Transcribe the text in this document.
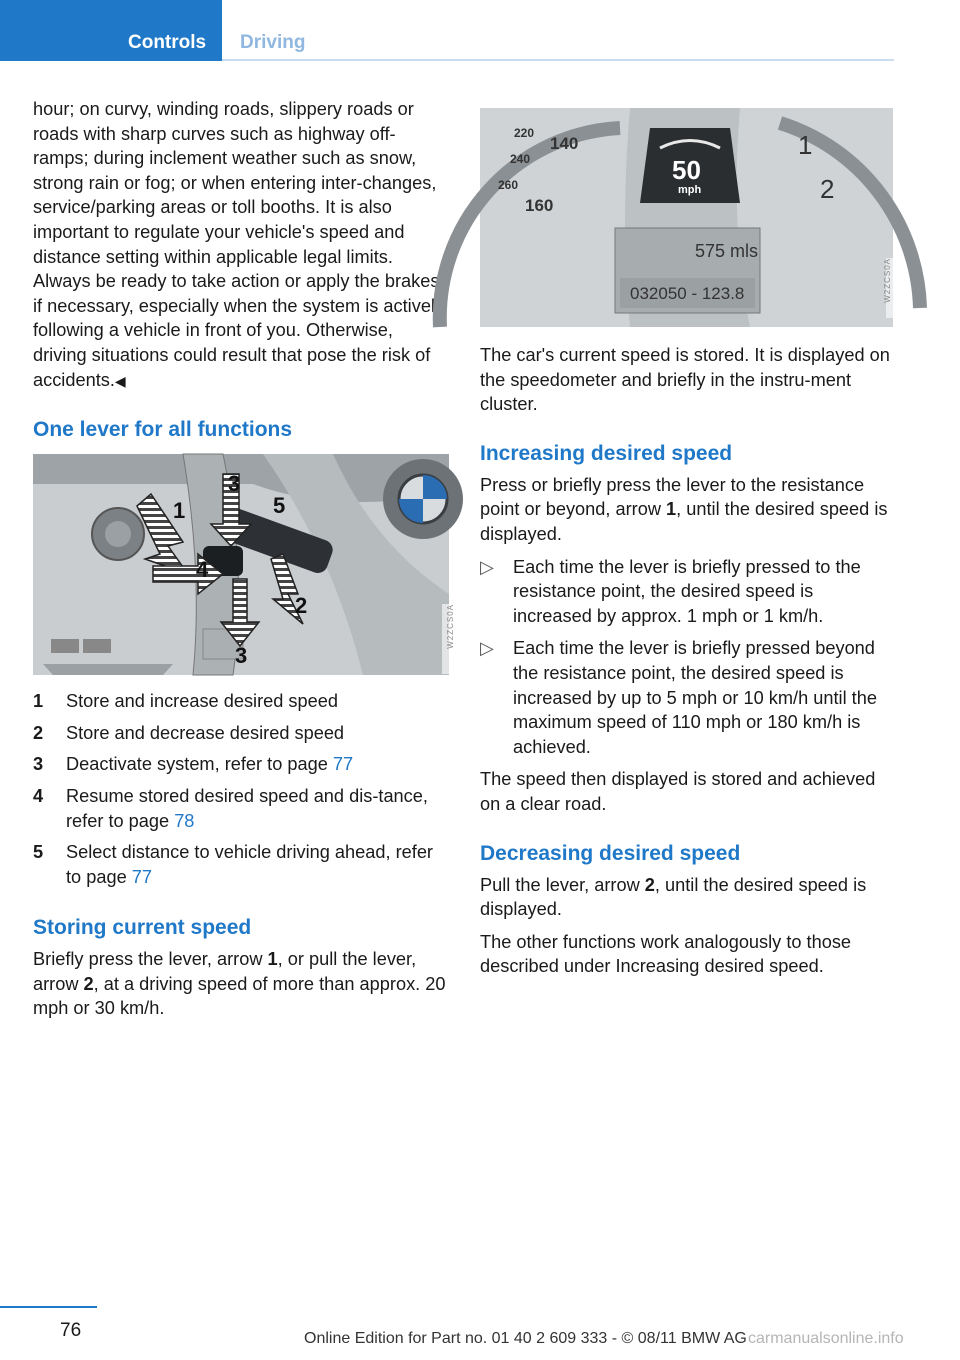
Controls Driving

hour; on curvy, winding roads, slippery roads or roads with sharp curves such as highway off-ramps; during inclement weather such as snow, strong rain or fog; or when entering inter-changes, service/parking areas or toll booths. It is also important to regulate your vehicle's speed and distance setting within applicable legal limits. Always be ready to take action or apply the brakes if necessary, especially when the system is actively following a vehicle in front of you. Otherwise, driving situations could result that pose the risk of accidents.◀

One lever for all functions
1
2
3
4
5
3
W2ZCS0A
1 Store and increase desired speed
2 Store and decrease desired speed
3 Deactivate system, refer to page 77
4 Resume stored desired speed and dis-tance, refer to page 78
5 Select distance to vehicle driving ahead, refer to page 77
Storing current speed

Briefly press the lever, arrow 1, or pull the lever, arrow 2, at a driving speed of more than approx. 20 mph or 30 km/h.

50
mph
575 mls
032050 - 123.8
220
140
240
260
160
1
2
W2ZCS0A

The car's current speed is stored. It is displayed on the speedometer and briefly in the instru-ment cluster.

Increasing desired speed

Press or briefly press the lever to the resistance point or beyond, arrow 1, until the desired speed is displayed.

▷ Each time the lever is briefly pressed to the resistance point, the desired speed is increased by approx. 1 mph or 1 km/h.
▷ Each time the lever is briefly pressed beyond the resistance point, the desired speed is increased by up to 5 mph or 10 km/h until the maximum speed of 110 mph or 180 km/h is achieved.

The speed then displayed is stored and achieved on a clear road.

Decreasing desired speed

Pull the lever, arrow 2, until the desired speed is displayed.

The other functions work analogously to those described under Increasing desired speed.

76	Online Edition for Part no. 01 40 2 609 333 - © 08/11 BMW AG carmanualsonline.info
